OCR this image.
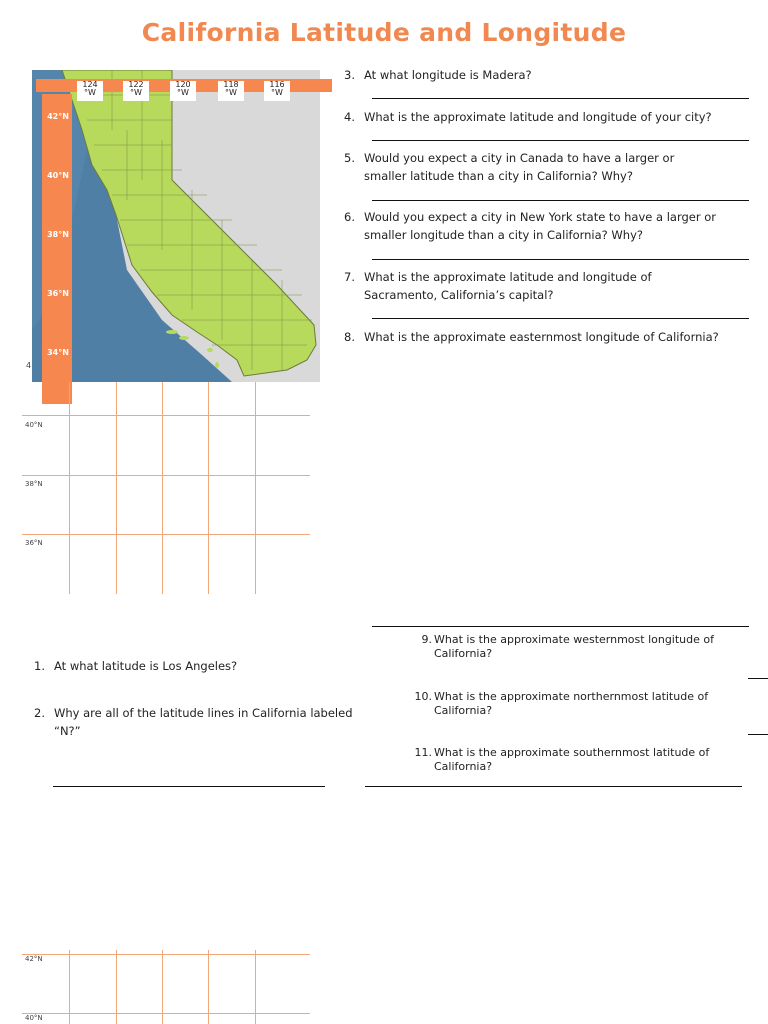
California Latitude and Longitude
124
°W
122
°W
120
°W
118
°W
116
°W
42°N
40°N
38°N
36°N
34°N
4
40°N
38°N
36°N
3. At what longitude is Madera?
4. What is the approximate latitude and longitude of your city?
5. Would you expect a city in Canada to have a larger or
smaller latitude than a city in California? Why?
6. Would you expect a city in New York state to have a larger or
smaller longitude than a city in California? Why?
7. What is the approximate latitude and longitude of
Sacramento, California’s capital?
8. What is the approximate easternmost longitude of California?
9. What is the approximate westernmost longitude of
California?
10. What is the approximate northernmost latitude of
California?
11. What is the approximate southernmost latitude of
California?
1. At what latitude is Los Angeles?
2. Why are all of the latitude lines in California labeled
“N?”
42°N
40°N
